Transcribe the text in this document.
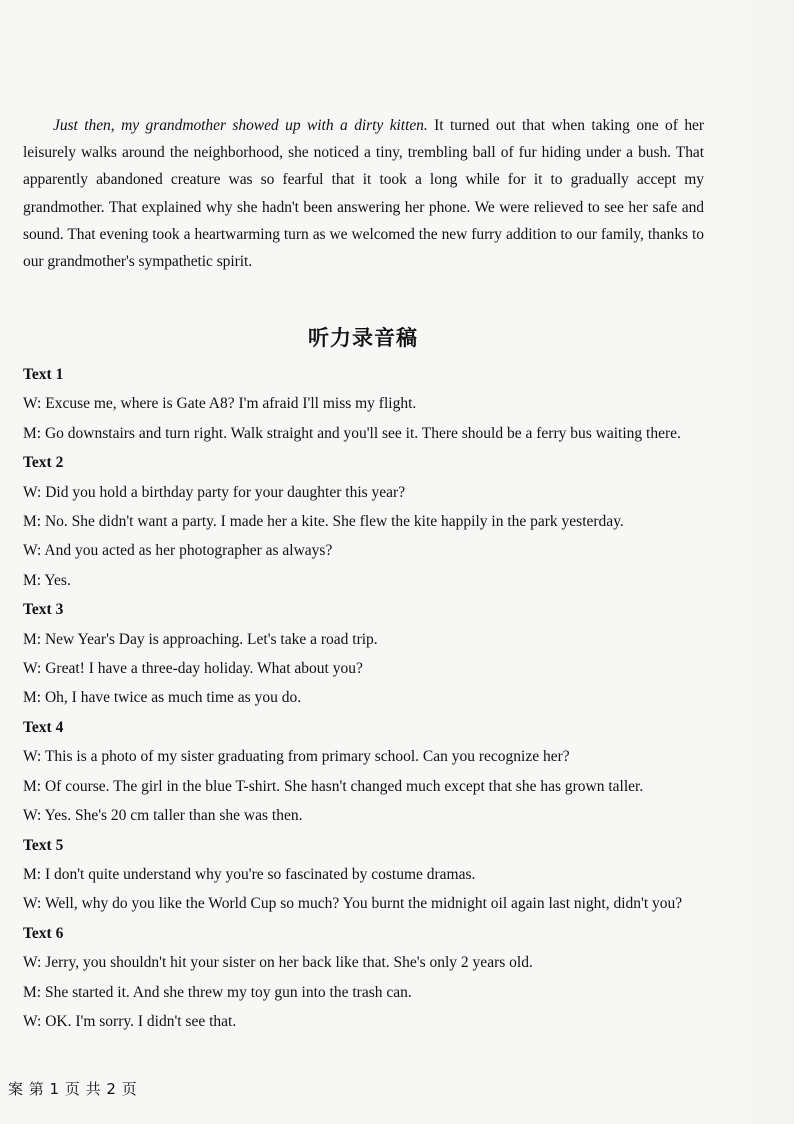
Just then, my grandmother showed up with a dirty kitten. It turned out that when taking one of her leisurely walks around the neighborhood, she noticed a tiny, trembling ball of fur hiding under a bush. That apparently abandoned creature was so fearful that it took a long while for it to gradually accept my grandmother. That explained why she hadn't been answering her phone. We were relieved to see her safe and sound. That evening took a heartwarming turn as we welcomed the new furry addition to our family, thanks to our grandmother's sympathetic spirit.

听力录音稿

Text 1

W: Excuse me, where is Gate A8? I'm afraid I'll miss my flight.

M: Go downstairs and turn right. Walk straight and you'll see it. There should be a ferry bus waiting there.

Text 2

W: Did you hold a birthday party for your daughter this year?

M: No. She didn't want a party. I made her a kite. She flew the kite happily in the park yesterday.

W: And you acted as her photographer as always?

M: Yes.

Text 3

M: New Year's Day is approaching. Let's take a road trip.

W: Great! I have a three-day holiday. What about you?

M: Oh, I have twice as much time as you do.

Text 4

W: This is a photo of my sister graduating from primary school. Can you recognize her?

M: Of course. The girl in the blue T-shirt. She hasn't changed much except that she has grown taller.

W: Yes. She's 20 cm taller than she was then.

Text 5

M: I don't quite understand why you're so fascinated by costume dramas.

W: Well, why do you like the World Cup so much? You burnt the midnight oil again last night, didn't you?

Text 6

W: Jerry, you shouldn't hit your sister on her back like that. She's only 2 years old.

M: She started it. And she threw my toy gun into the trash can.

W: OK. I'm sorry. I didn't see that.

案 第 1 页 共 2 页
